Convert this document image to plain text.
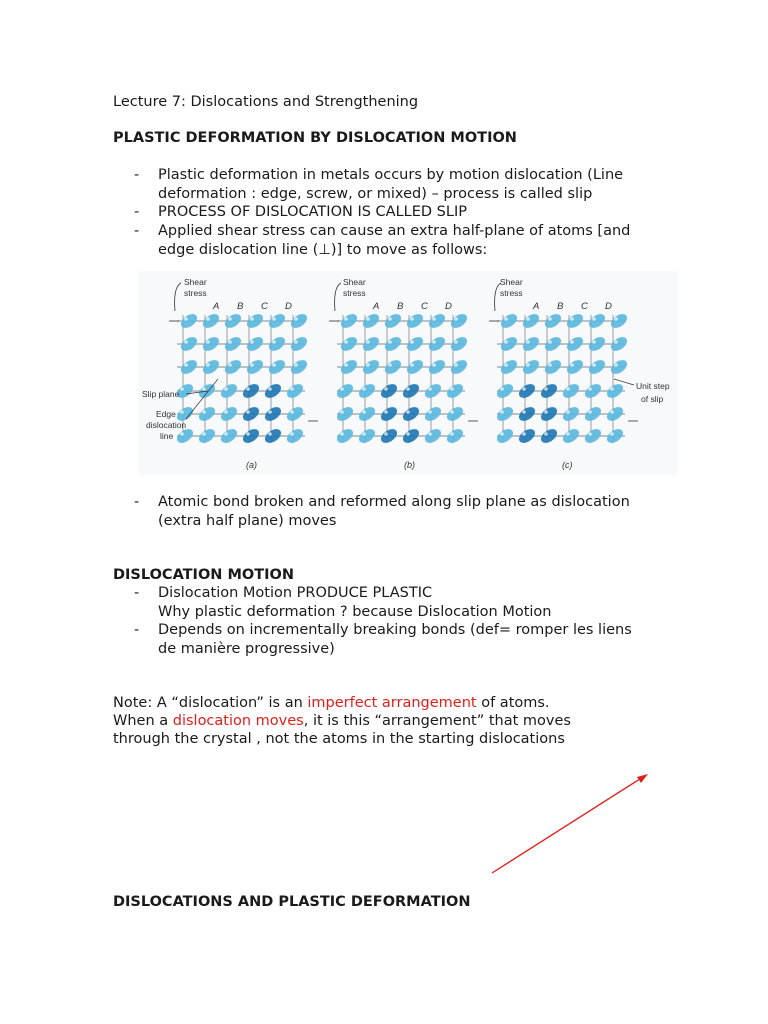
Lecture 7: Dislocations and Strengthening
PLASTIC DEFORMATION BY DISLOCATION MOTION
- Plastic deformation in metals occurs by motion dislocation (Line
deformation : edge, screw, or mixed) – process is called slip
- PROCESS OF DISLOCATION IS CALLED SLIP
- Applied shear stress can cause an extra half-plane of atoms [and
edge dislocation line (⊥)] to move as follows:
Shear
stress
Shear
stress
Shear
stress
Slip plane
Edge
dislocation
line
Unit step
of slip
(a)	(b)	(c)
A B C D	A B C D	A B C D
- Atomic bond broken and reformed along slip plane as dislocation
(extra half plane) moves
DISLOCATION MOTION
- Dislocation Motion PRODUCE PLASTIC
Why plastic deformation ? because Dislocation Motion
- Depends on incrementally breaking bonds (def= romper les liens
de manière progressive)
Note: A “dislocation” is an imperfect arrangement of atoms.
When a dislocation moves, it is this “arrangement” that moves
through the crystal , not the atoms in the starting dislocations
DISLOCATIONS AND PLASTIC DEFORMATION
